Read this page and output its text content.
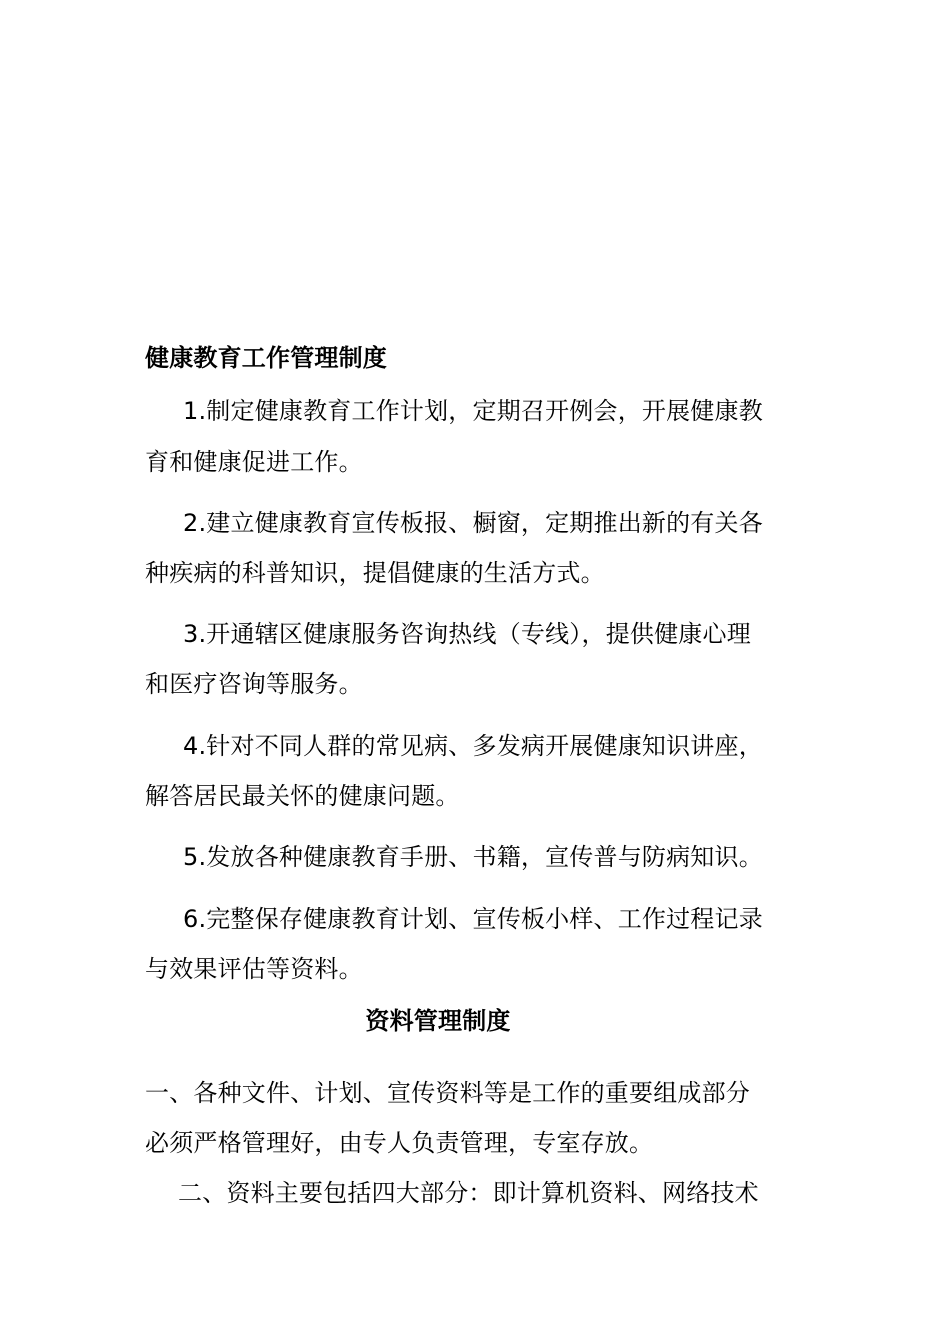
健康教育工作管理制度
1.制定健康教育工作计划，定期召开例会，开展健康教
育和健康促进工作。
2.建立健康教育宣传板报、橱窗，定期推出新的有关各
种疾病的科普知识，提倡健康的生活方式。
3.开通辖区健康服务咨询热线（专线），提供健康心理
和医疗咨询等服务。
4.针对不同人群的常见病、多发病开展健康知识讲座，
解答居民最关怀的健康问题。
5.发放各种健康教育手册、书籍，宣传普与防病知识。
6.完整保存健康教育计划、宣传板小样、工作过程记录
与效果评估等资料。
资料管理制度
一、各种文件、计划、宣传资料等是工作的重要组成部分
必须严格管理好，由专人负责管理，专室存放。
二、资料主要包括四大部分：即计算机资料、网络技术
